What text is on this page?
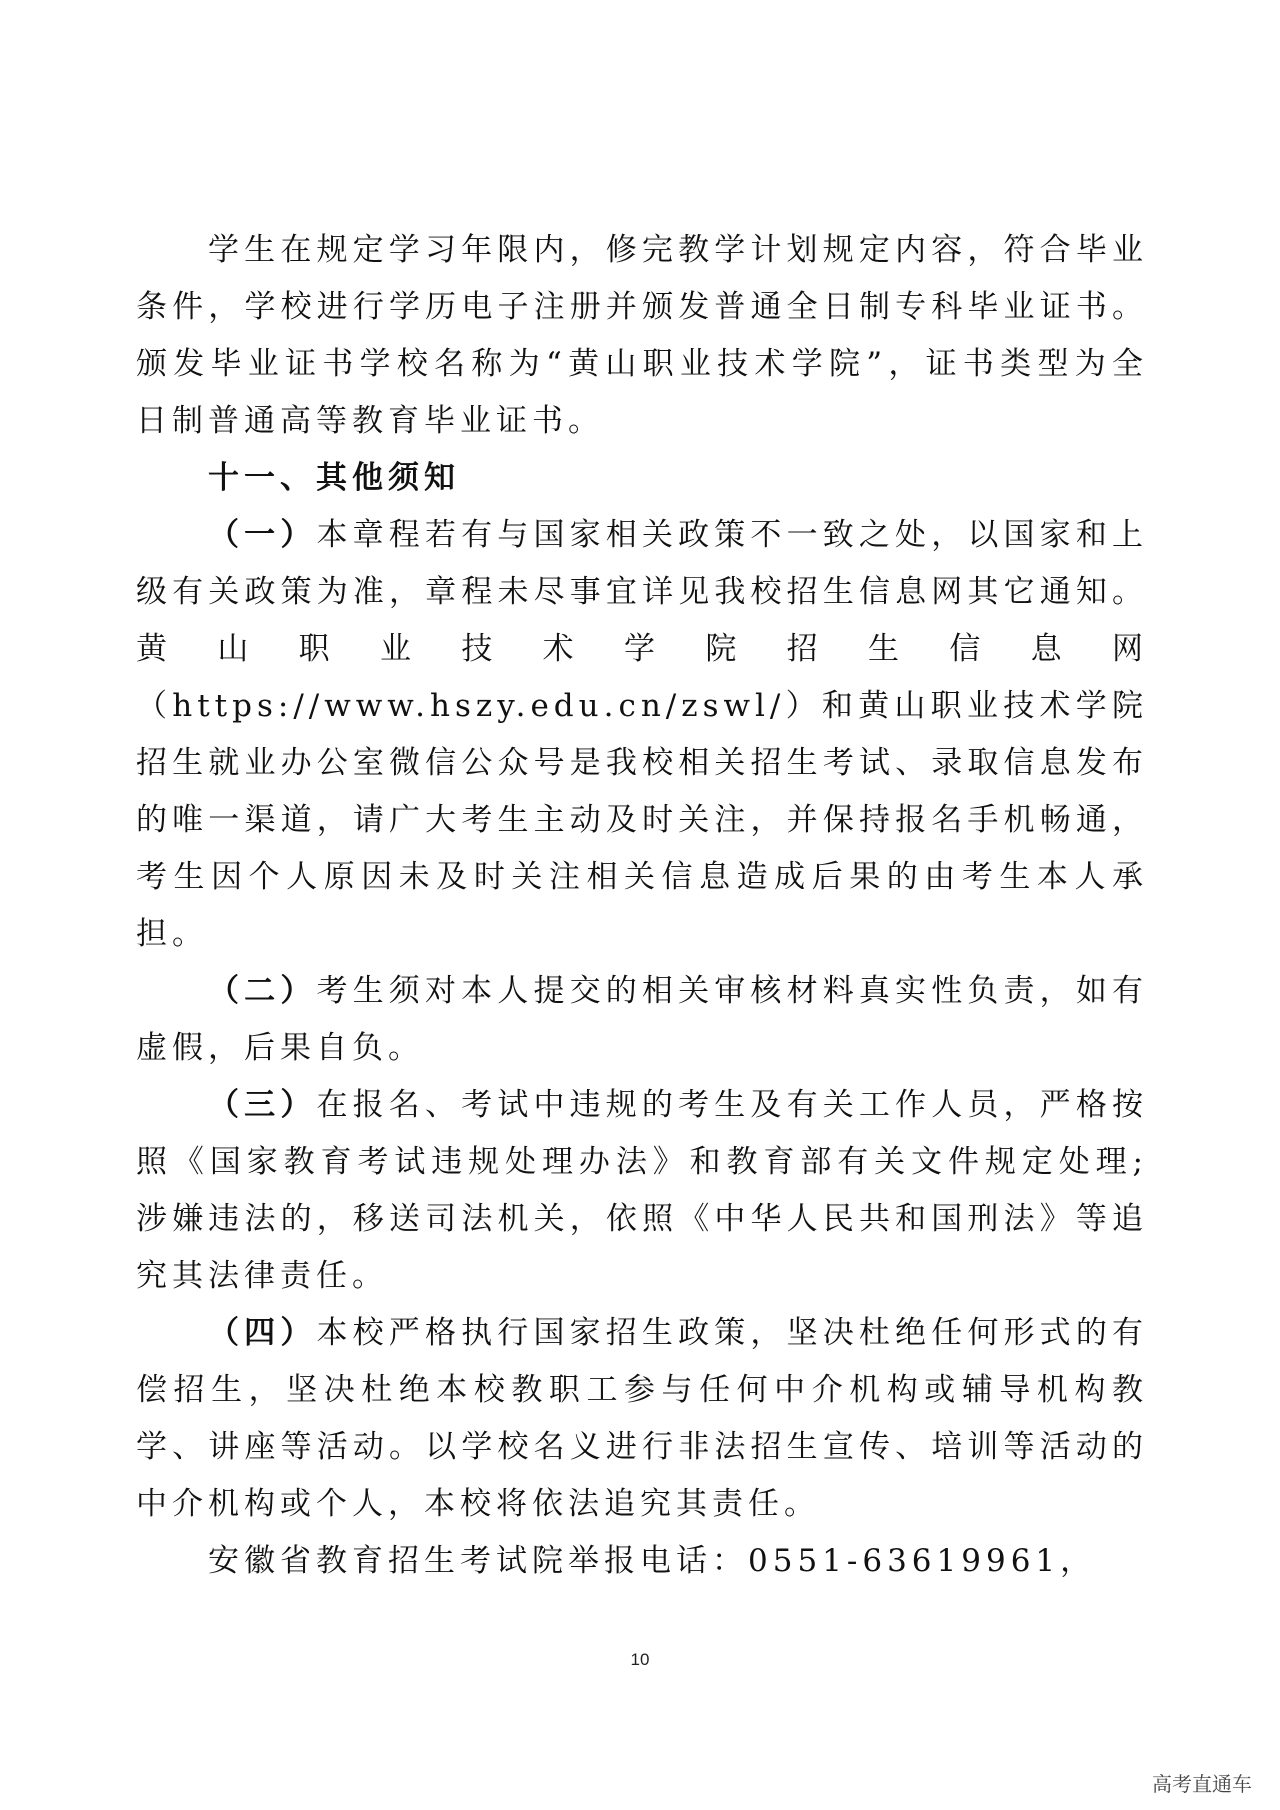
学生在规定学习年限内，修完教学计划规定内容，符合毕业条件，学校进行学历电子注册并颁发普通全日制专科毕业证书。颁发毕业证书学校名称为“黄山职业技术学院”，证书类型为全日制普通高等教育毕业证书。

十一、其他须知

（一）本章程若有与国家相关政策不一致之处，以国家和上级有关政策为准，章程未尽事宜详见我校招生信息网其它通知。黄山职业技术学院招生信息网（https://www.hszy.edu.cn/zswl/）和黄山职业技术学院招生就业办公室微信公众号是我校相关招生考试、录取信息发布的唯一渠道，请广大考生主动及时关注，并保持报名手机畅通，考生因个人原因未及时关注相关信息造成后果的由考生本人承担。

（二）考生须对本人提交的相关审核材料真实性负责，如有虚假，后果自负。

（三）在报名、考试中违规的考生及有关工作人员，严格按照《国家教育考试违规处理办法》和教育部有关文件规定处理;涉嫌违法的，移送司法机关，依照《中华人民共和国刑法》等追究其法律责任。

（四）本校严格执行国家招生政策，坚决杜绝任何形式的有偿招生，坚决杜绝本校教职工参与任何中介机构或辅导机构教学、讲座等活动。以学校名义进行非法招生宣传、培训等活动的中介机构或个人，本校将依法追究其责任。

安徽省教育招生考试院举报电话：0551-63619961，

10
高考直通车
